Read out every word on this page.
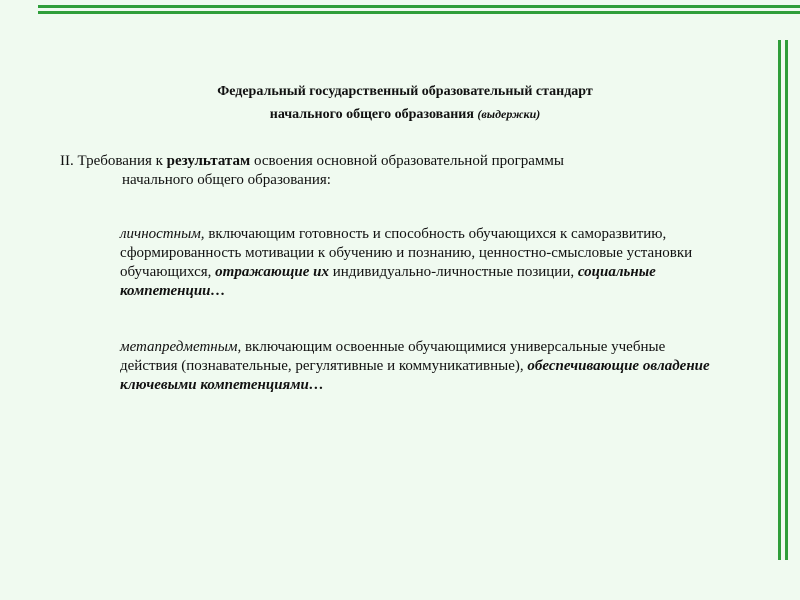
Федеральный государственный образовательный стандарт
начального общего образования (выдержки)
II. Требования к результатам освоения основной образовательной программы
начального общего образования:
личностным, включающим готовность и способность обучающихся к саморазвитию, сформированность мотивации к обучению и познанию, ценностно-смысловые установки обучающихся, отражающие их индивидуально-личностные позиции, социальные компетенции…
метапредметным, включающим освоенные обучающимися универсальные учебные действия (познавательные, регулятивные и коммуникативные), обеспечивающие овладение ключевыми компетенциями…
